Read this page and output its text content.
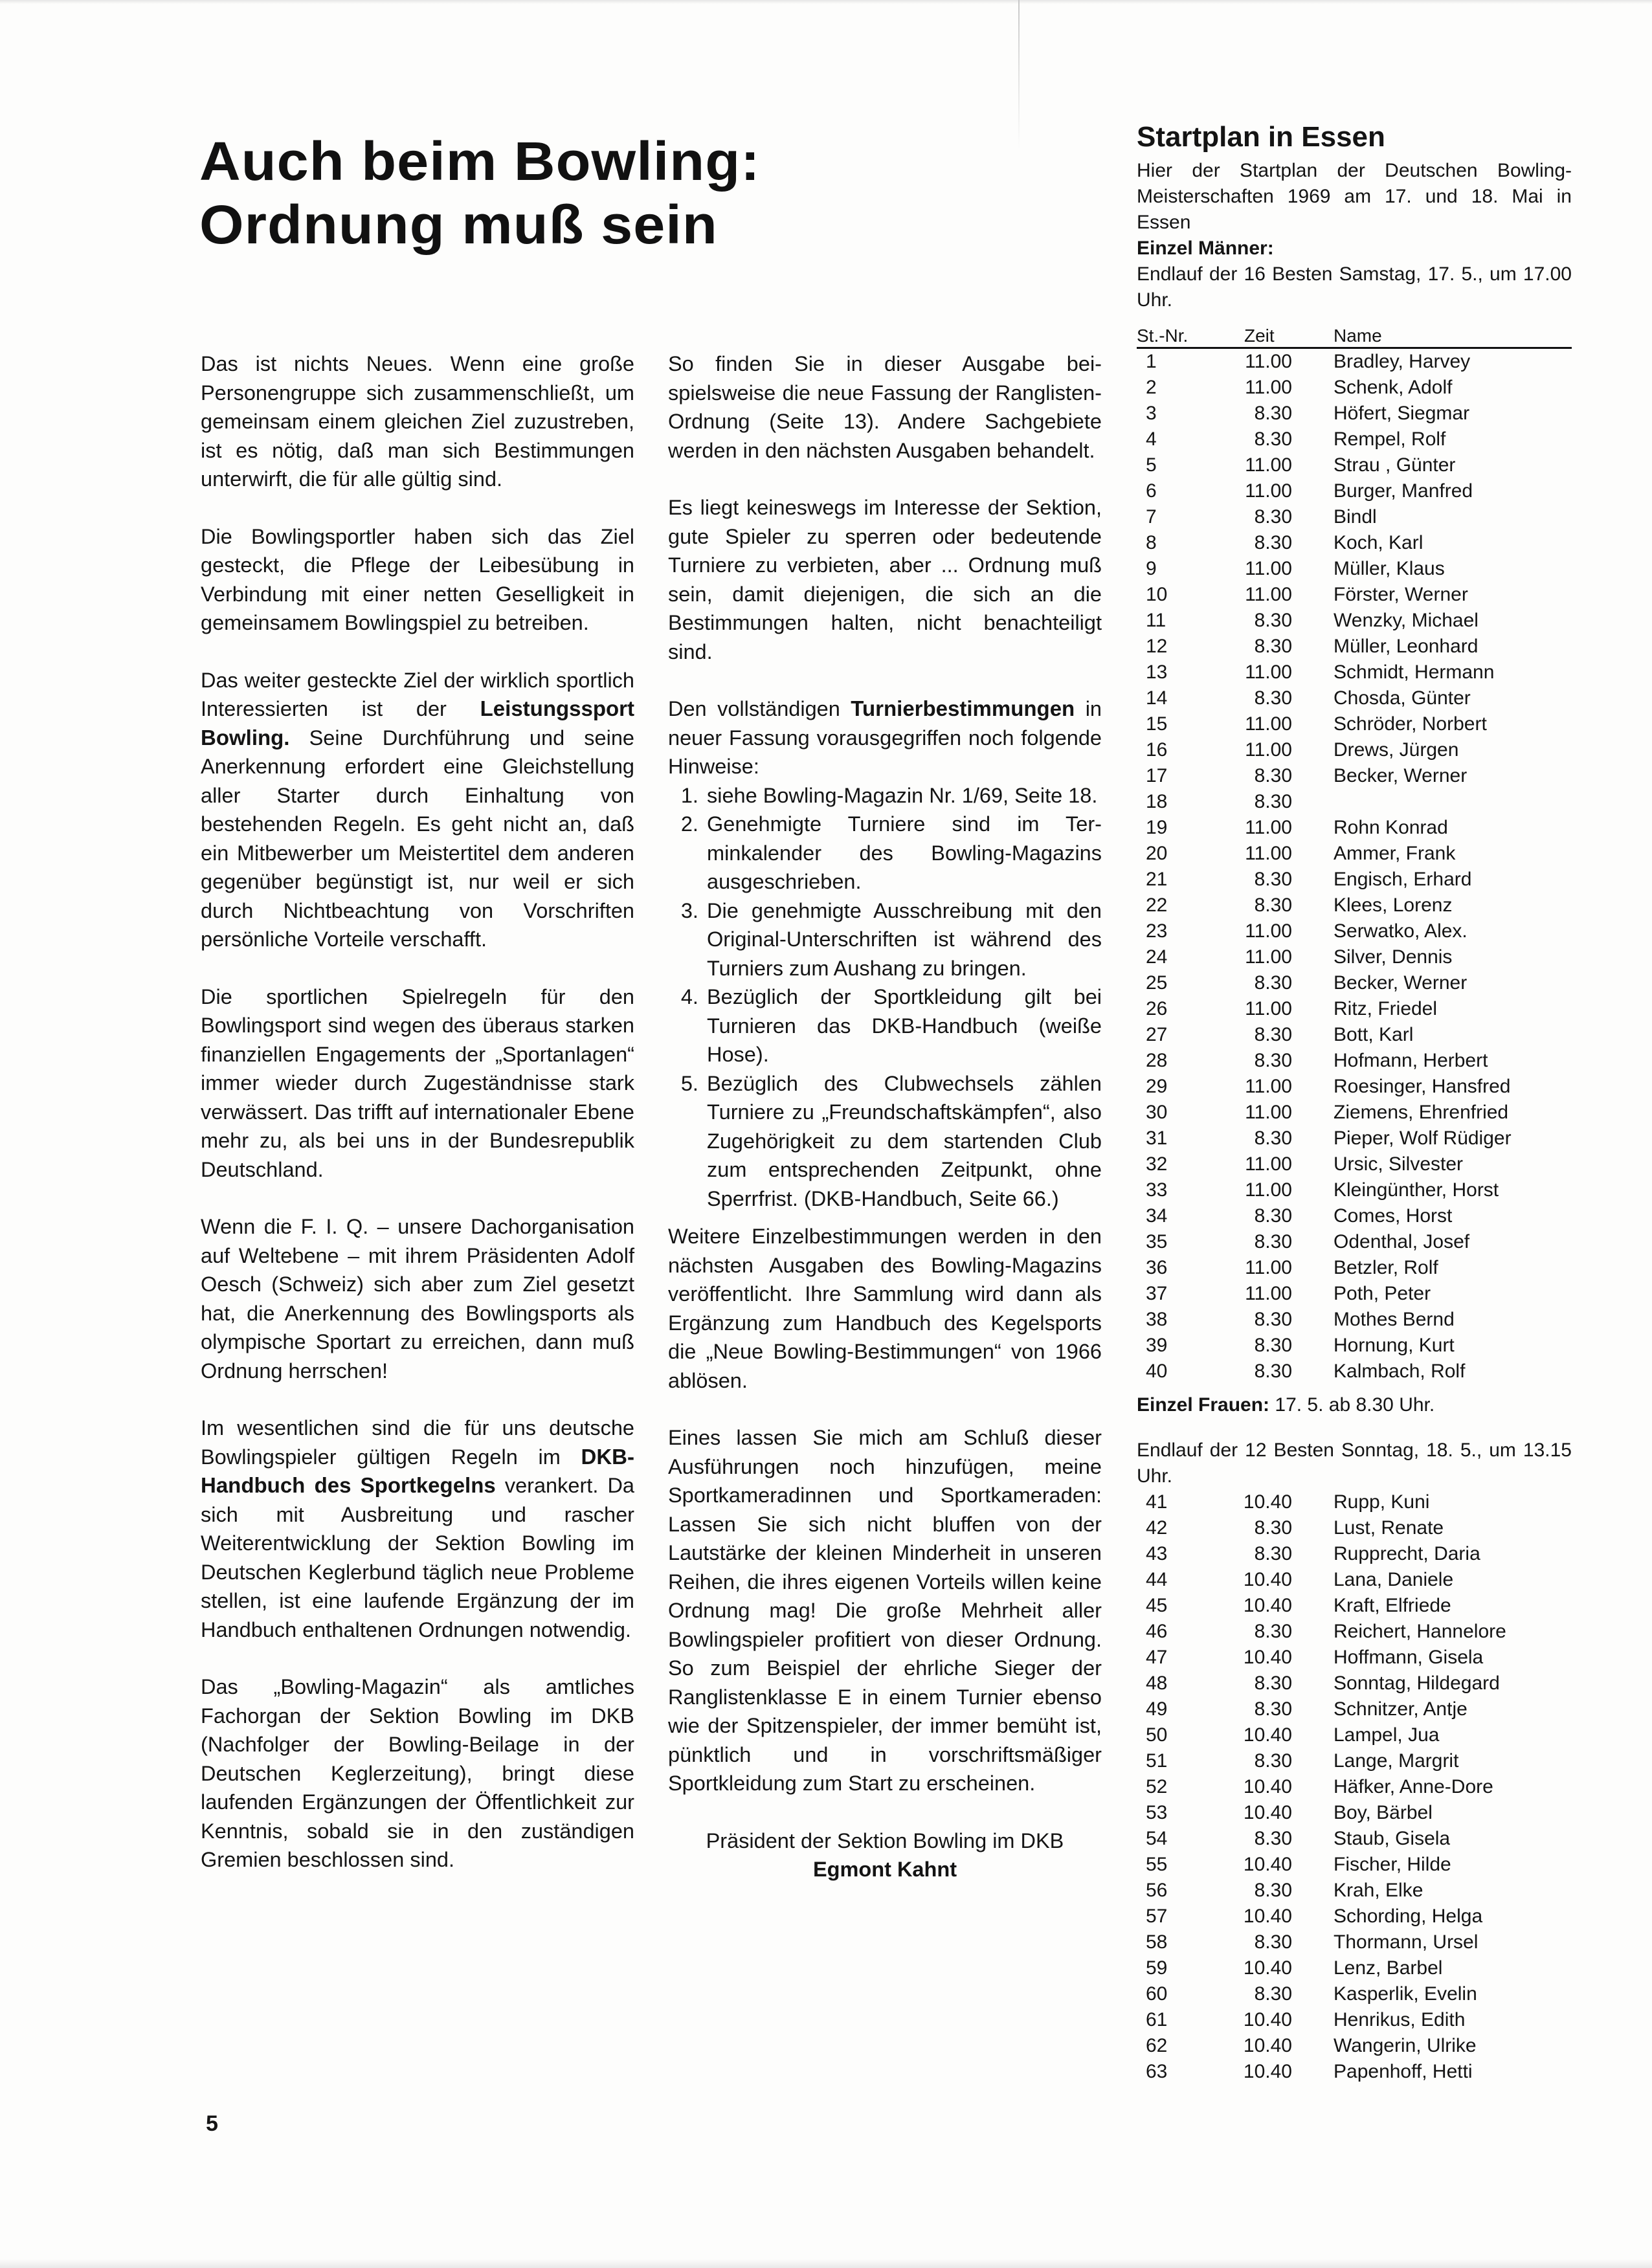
Auch beim Bowling:
Ordnung muß sein

Das ist nichts Neues. Wenn eine große Personengruppe sich zusammenschließt, um gemeinsam einem gleichen Ziel zuzustreben, ist es nötig, daß man sich Bestimmungen unterwirft, die für alle gültig sind.

Die Bowlingsportler haben sich das Ziel gesteckt, die Pflege der Leibesübung in Verbindung mit einer netten Geselligkeit in gemeinsamem Bowlingspiel zu betreiben.

Das weiter gesteckte Ziel der wirklich sportlich Interessierten ist der Leistungssport Bowling. Seine Durchführung und seine Anerkennung erfordert eine Gleichstellung aller Starter durch Einhaltung von bestehenden Regeln. Es geht nicht an, daß ein Mitbewerber um Meistertitel dem anderen gegenüber begünstigt ist, nur weil er sich durch Nichtbeachtung von Vorschriften persönliche Vorteile verschafft.

Die sportlichen Spielregeln für den Bowlingsport sind wegen des überaus starken finanziellen Engagements der „Sportanlagen“ immer wieder durch Zugeständnisse stark verwässert. Das trifft auf internationaler Ebene mehr zu, als bei uns in der Bundesrepublik Deutschland.

Wenn die F. I. Q. – unsere Dachorganisation auf Weltebene – mit ihrem Präsidenten Adolf Oesch (Schweiz) sich aber zum Ziel gesetzt hat, die Anerkennung des Bowlingsports als olympische Sportart zu erreichen, dann muß Ordnung herrschen!

Im wesentlichen sind die für uns deutsche Bowlingspieler gültigen Regeln im DKB-Handbuch des Sportkegelns verankert. Da sich mit Ausbreitung und rascher Weiterentwicklung der Sektion Bowling im Deutschen Keglerbund täglich neue Probleme stellen, ist eine laufende Ergänzung der im Handbuch enthaltenen Ordnungen notwendig.

Das „Bowling-Magazin“ als amtliches Fachorgan der Sektion Bowling im DKB (Nachfolger der Bowling-Beilage in der Deutschen Keglerzeitung), bringt diese laufenden Ergänzungen der Öffentlichkeit zur Kenntnis, sobald sie in den zuständigen Gremien beschlossen sind.

So finden Sie in dieser Ausgabe beispielsweise die neue Fassung der Ranglisten-Ordnung (Seite 13). Andere Sachgebiete werden in den nächsten Ausgaben behandelt.

Es liegt keineswegs im Interesse der Sektion, gute Spieler zu sperren oder bedeutende Turniere zu verbieten, aber ... Ordnung muß sein, damit diejenigen, die sich an die Bestimmungen halten, nicht benachteiligt sind.

Den vollständigen Turnierbestimmungen in neuer Fassung vorausgegriffen noch folgende Hinweise:

1. siehe Bowling-Magazin Nr. 1/69, Seite 18.
2. Genehmigte Turniere sind im Terminkalender des Bowling-Magazins ausgeschrieben.
3. Die genehmigte Ausschreibung mit den Original-Unterschriften ist während des Turniers zum Aushang zu bringen.
4. Bezüglich der Sportkleidung gilt bei Turnieren das DKB-Handbuch (weiße Hose).
5. Bezüglich des Clubwechsels zählen Turniere zu „Freundschaftskämpfen“, also Zugehörigkeit zu dem startenden Club zum entsprechenden Zeitpunkt, ohne Sperrfrist. (DKB-Handbuch, Seite 66.)

Weitere Einzelbestimmungen werden in den nächsten Ausgaben des Bowling-Magazins veröffentlicht. Ihre Sammlung wird dann als Ergänzung zum Handbuch des Kegelsports die „Neue Bowling-Bestimmungen“ von 1966 ablösen.

Eines lassen Sie mich am Schluß dieser Ausführungen noch hinzufügen, meine Sportkameradinnen und Sportkameraden: Lassen Sie sich nicht bluffen von der Lautstärke der kleinen Minderheit in unseren Reihen, die ihres eigenen Vorteils willen keine Ordnung mag! Die große Mehrheit aller Bowlingspieler profitiert von dieser Ordnung. So zum Beispiel der ehrliche Sieger der Ranglistenklasse E in einem Turnier ebenso wie der Spitzenspieler, der immer bemüht ist, pünktlich und in vorschriftsmäßiger Sportkleidung zum Start zu erscheinen.

Präsident der Sektion Bowling im DKB
Egmont Kahnt
5
Startplan in Essen

Hier der Startplan der Deutschen Bowling-Meisterschaften 1969 am 17. und 18. Mai in Essen

Einzel Männer:

Endlauf der 16 Besten Samstag, 17. 5., um 17.00 Uhr.

St.-Nr.	Zeit	Name
1	11.00	Bradley, Harvey
2	11.00	Schenk, Adolf
3	8.30	Höfert, Siegmar
4	8.30	Rempel, Rolf
5	11.00	Strau , Günter
6	11.00	Burger, Manfred
7	8.30	Bindl
8	8.30	Koch, Karl
9	11.00	Müller, Klaus
10	11.00	Förster, Werner
11	8.30	Wenzky, Michael
12	8.30	Müller, Leonhard
13	11.00	Schmidt, Hermann
14	8.30	Chosda, Günter
15	11.00	Schröder, Norbert
16	11.00	Drews, Jürgen
17	8.30	Becker, Werner
18	8.30
19	11.00	Rohn Konrad
20	11.00	Ammer, Frank
21	8.30	Engisch, Erhard
22	8.30	Klees, Lorenz
23	11.00	Serwatko, Alex.
24	11.00	Silver, Dennis
25	8.30	Becker, Werner
26	11.00	Ritz, Friedel
27	8.30	Bott, Karl
28	8.30	Hofmann, Herbert
29	11.00	Roesinger, Hansfred
30	11.00	Ziemens, Ehrenfried
31	8.30	Pieper, Wolf Rüdiger
32	11.00	Ursic, Silvester
33	11.00	Kleingünther, Horst
34	8.30	Comes, Horst
35	8.30	Odenthal, Josef
36	11.00	Betzler, Rolf
37	11.00	Poth, Peter
38	8.30	Mothes Bernd
39	8.30	Hornung, Kurt
40	8.30	Kalmbach, Rolf

Einzel Frauen: 17. 5. ab 8.30 Uhr.

Endlauf der 12 Besten Sonntag, 18. 5., um 13.15 Uhr.

41	10.40	Rupp, Kuni
42	8.30	Lust, Renate
43	8.30	Rupprecht, Daria
44	10.40	Lana, Daniele
45	10.40	Kraft, Elfriede
46	8.30	Reichert, Hannelore
47	10.40	Hoffmann, Gisela
48	8.30	Sonntag, Hildegard
49	8.30	Schnitzer, Antje
50	10.40	Lampel, Jua
51	8.30	Lange, Margrit
52	10.40	Häfker, Anne-Dore
53	10.40	Boy, Bärbel
54	8.30	Staub, Gisela
55	10.40	Fischer, Hilde
56	8.30	Krah, Elke
57	10.40	Schording, Helga
58	8.30	Thormann, Ursel
59	10.40	Lenz, Barbel
60	8.30	Kasperlik, Evelin
61	10.40	Henrikus, Edith
62	10.40	Wangerin, Ulrike
63	10.40	Papenhoff, Hetti
